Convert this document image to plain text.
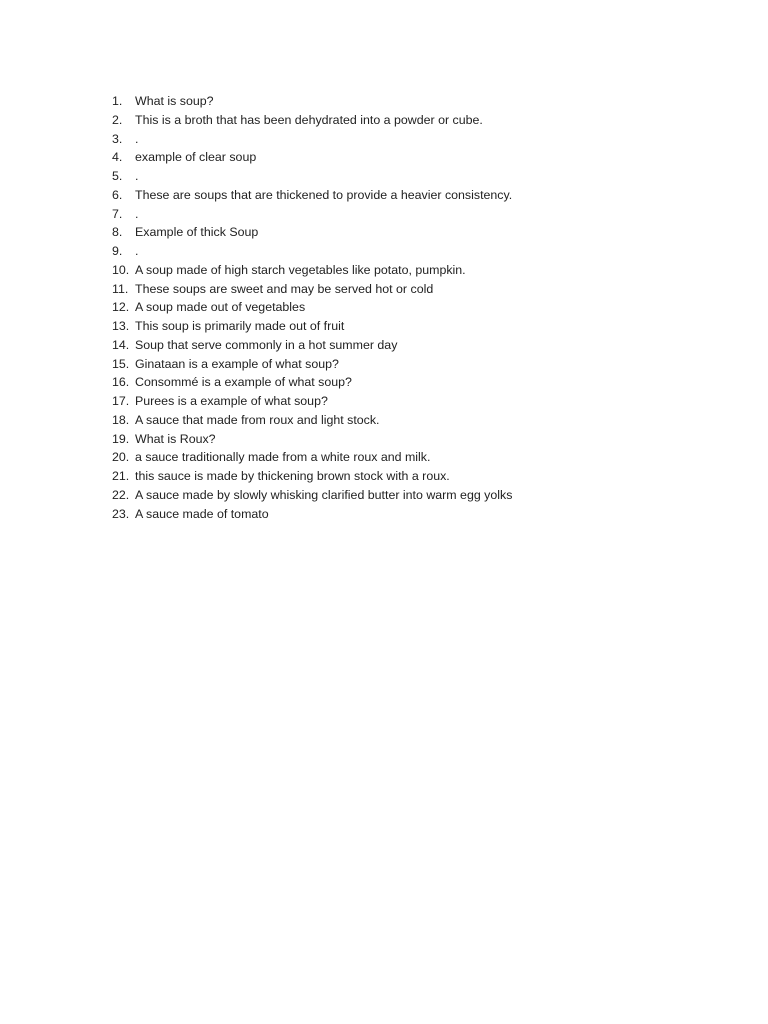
1.	What is soup?
2.	This is a broth that has been dehydrated into a powder or cube.
3.	.
4.	example of clear soup
5.	.
6.	These are soups that are thickened to provide a heavier consistency.
7.	.
8.	Example of thick Soup
9.	.
10. A soup made of high starch vegetables like potato, pumpkin.
11. These soups are sweet and may be served hot or cold
12. A soup made out of vegetables
13. This soup is primarily made out of fruit
14. Soup that serve commonly in a hot summer day
15. Ginataan is a example of what soup?
16. Consommé is a example of what soup?
17. Purees is a example of what soup?
18. A sauce that made from roux and light stock.
19. What is Roux?
20. a sauce traditionally made from a white roux and milk.
21. this sauce is made by thickening brown stock with a roux.
22. A sauce made by slowly whisking clarified butter into warm egg yolks
23. A sauce made of tomato
